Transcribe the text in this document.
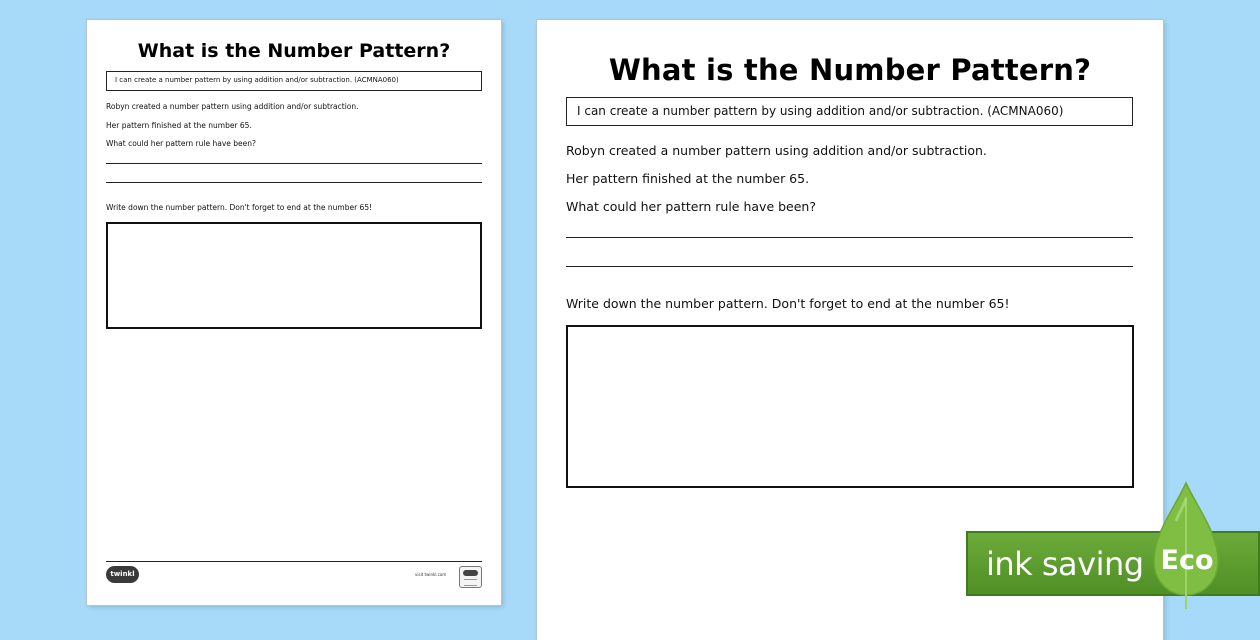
What is the Number Pattern?
I can create a number pattern by using addition and/or subtraction. (ACMNA060)
Robyn created a number pattern using addition and/or subtraction.
Her pattern finished at the number 65.
What could her pattern rule have been?
Write down the number pattern. Don't forget to end at the number 65!
twinkl	visit twinkl.com
What is the Number Pattern?
I can create a number pattern by using addition and/or subtraction. (ACMNA060)
Robyn created a number pattern using addition and/or subtraction.
Her pattern finished at the number 65.
What could her pattern rule have been?
Write down the number pattern. Don't forget to end at the number 65!
ink saving Eco
